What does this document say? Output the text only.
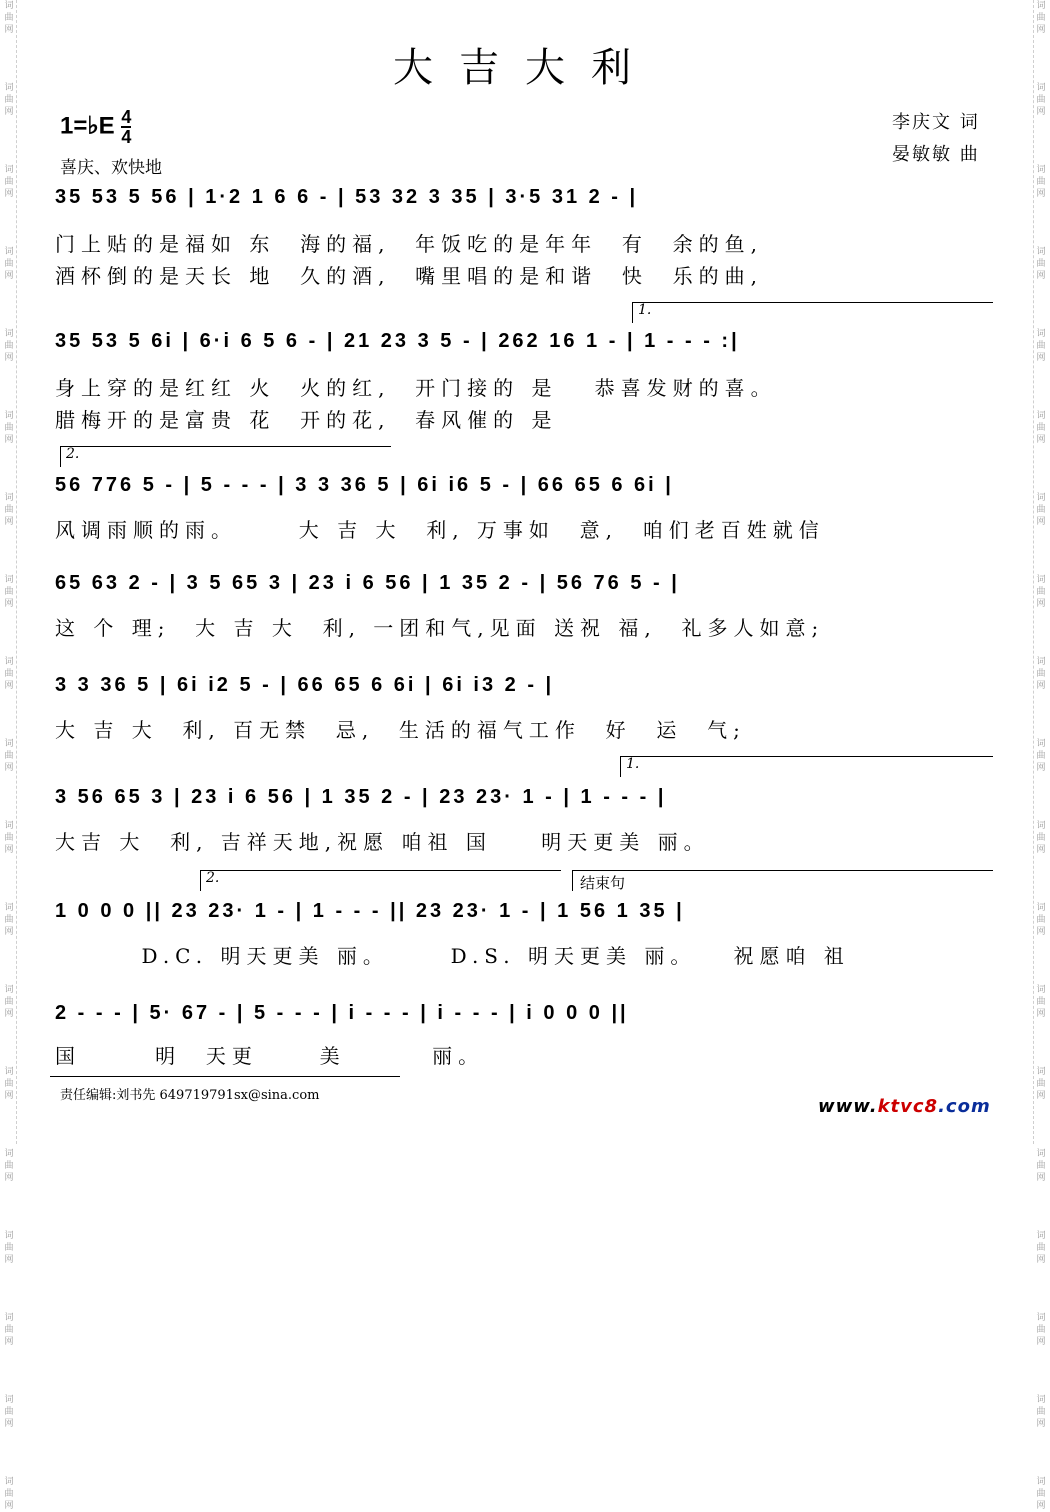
词
曲
网
词
曲
网
词
曲
网
词
曲
网
词
曲
网
词
曲
网
词
曲
网
词
曲
网
词
曲
网
词
曲
网
词
曲
网
词
曲
网
词
曲
网
词
曲
网
词
曲
网
词
曲
网
词
曲
网
词
曲
网
词
曲
网
词
曲
网
词
曲
网
词
曲
网
词
曲
网
词
曲
网
词
曲
网
词
曲
网
词
曲
网
词
曲
网
词
曲
网
词
曲
网
词
曲
网
词
曲
网
词
曲
网
词
曲
网
词
曲
网
词
曲
网
词
曲
网
词
曲
网
大吉大利
1=♭E $\frac{4}{4}$
喜庆、欢快地
李庆文 词
晏敏敏 曲
35 53 5 56 | 1·2 1 6 6 - | 53 32 3 35 | 3·5 31 2 - |
门上贴的是福如 东  海的福,  年饭吃的是年年  有  余的鱼,
酒杯倒的是天长 地  久的酒,  嘴里唱的是和谐  快  乐的曲,
1.
35 53 5 6i | 6·i 6 5 6 - | 21 23 3 5 - | 262 16 1 - | 1 - - - :|
身上穿的是红红 火  火的红,  开门接的 是   恭喜发财的喜。
腊梅开的是富贵 花  开的花,  春风催的 是
2.
56 776 5 - | 5 - - - | 3 3 36 5 | 6i i6 5 - | 66 65 6 6i |
风调雨顺的雨。     大 吉 大  利, 万事如  意,  咱们老百姓就信
65 63 2 - | 3 5 65 3 | 23 i 6 56 | 1 35 2 - | 56 76 5 - |
这 个 理;  大 吉 大  利, 一团和气,见面 送祝 福,  礼多人如意;
3 3 36 5 | 6i i2 5 - | 66 65 6 6i | 6i i3 2 - |
大 吉 大  利, 百无禁  忌,  生活的福气工作  好  运  气;
1.
3 56 65 3 | 23 i 6 56 | 1 35 2 - | 23 23· 1 - | 1 - - - |
大吉 大  利, 吉祥天地,祝愿 咱祖 国    明天更美 丽。
2.	结束句
1 0 0 0 || 23 23· 1 - | 1 - - - || 23 23· 1 - | 1 56 1 35 |
D.C. 明天更美 丽。     D.S. 明天更美 丽。   祝愿咱 祖
2 - - - | 5· 67 - | 5 - - - | i - - - | i - - - | i 0 0 0 ||
国      明  天更     美       丽。
责任编辑:刘书先 649719791sx@sina.com
www.ktvc8.com
